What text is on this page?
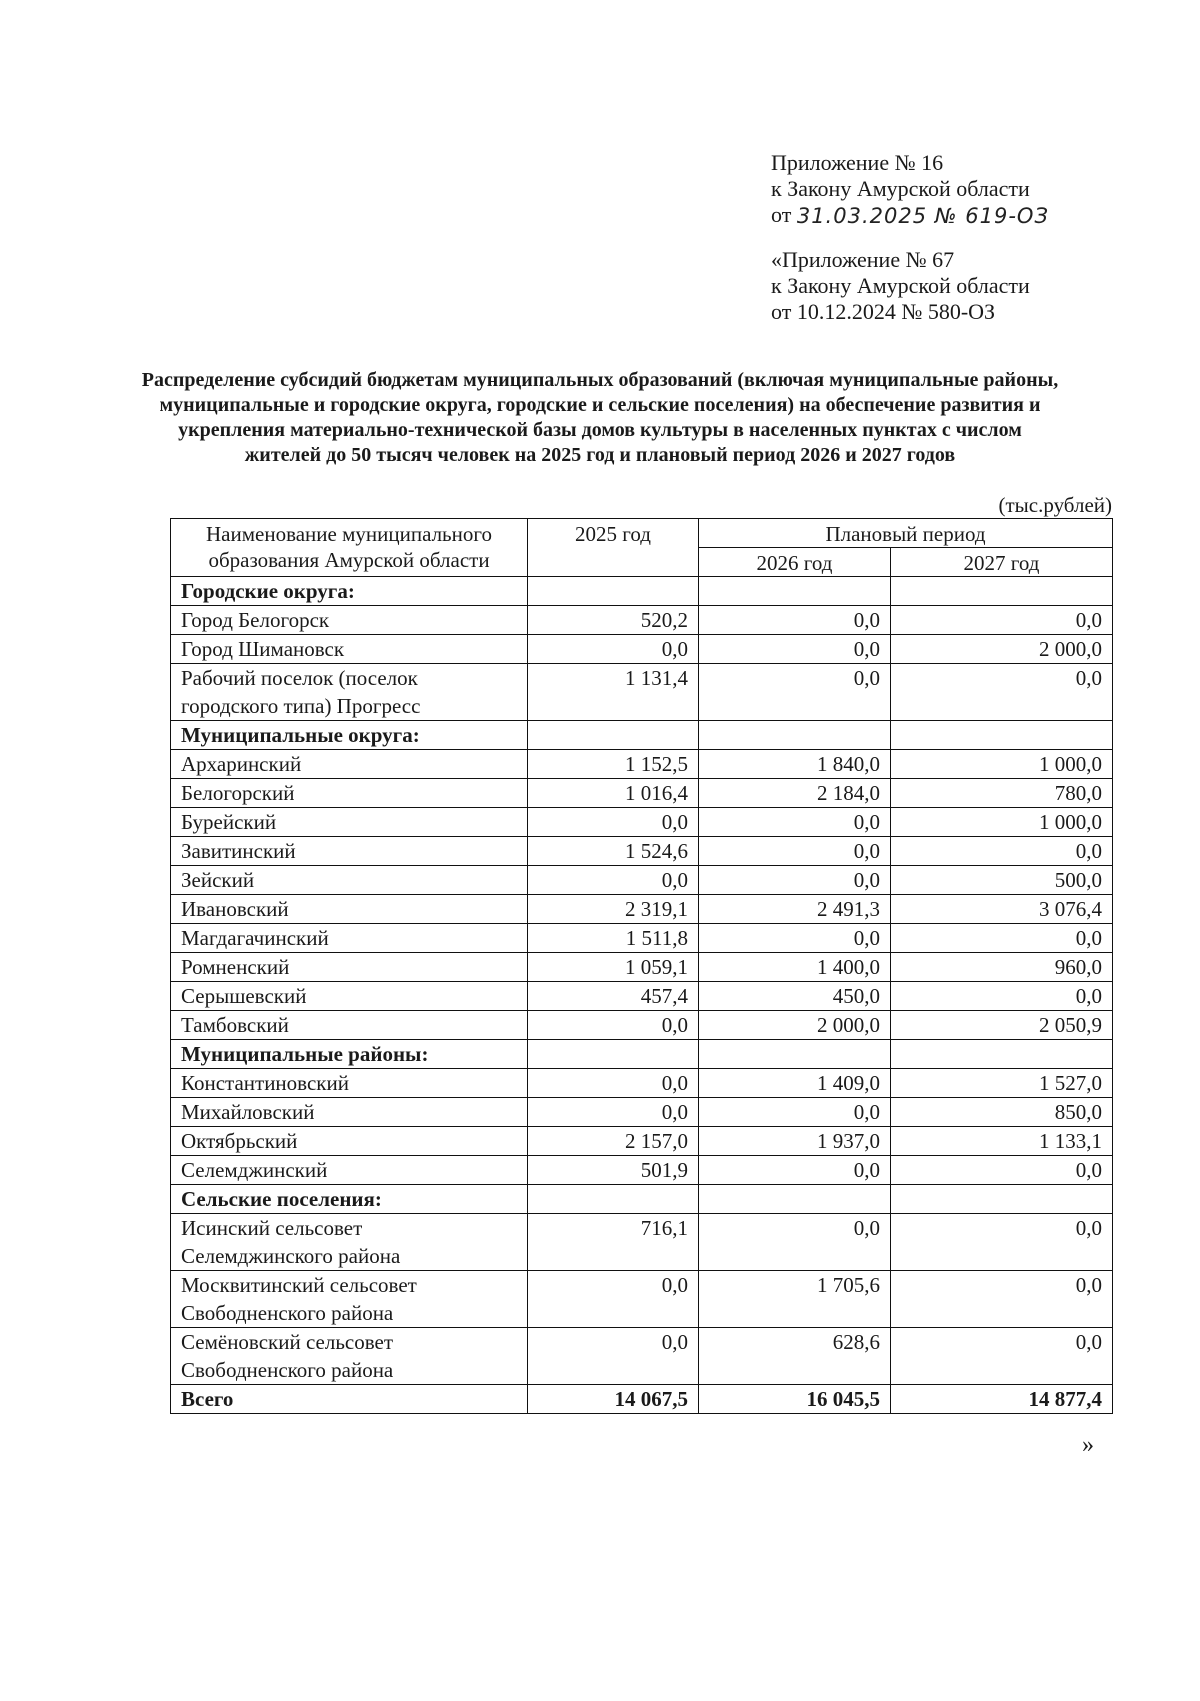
Приложение № 16
к Закону Амурской области
от 31.03.2025 № 619-ОЗ
«Приложение № 67
к Закону Амурской области
от 10.12.2024 № 580-ОЗ
Распределение субсидий бюджетам муниципальных образований (включая муниципальные районы, муниципальные и городские округа, городские и сельские поселения) на обеспечение развития и укрепления материально-технической базы домов культуры в населенных пунктах с числом жителей до 50 тысяч человек на 2025 год и плановый период 2026 и 2027 годов
(тыс.рублей)
Наименование муниципального образования Амурской области	2025 год	Плановый период	
		2026 год	2027 год
Городские округа:			
Город Белогорск	520,2	0,0	0,0
Город Шимановск	0,0	0,0	2 000,0
Рабочий поселок (поселок городского типа) Прогресс	1 131,4	0,0	0,0
Муниципальные округа:			
Архаринский	1 152,5	1 840,0	1 000,0
Белогорский	1 016,4	2 184,0	780,0
Бурейский	0,0	0,0	1 000,0
Завитинский	1 524,6	0,0	0,0
Зейский	0,0	0,0	500,0
Ивановский	2 319,1	2 491,3	3 076,4
Магдагачинский	1 511,8	0,0	0,0
Ромненский	1 059,1	1 400,0	960,0
Серышевский	457,4	450,0	0,0
Тамбовский	0,0	2 000,0	2 050,9
Муниципальные районы:			
Константиновский	0,0	1 409,0	1 527,0
Михайловский	0,0	0,0	850,0
Октябрьский	2 157,0	1 937,0	1 133,1
Селемджинский	501,9	0,0	0,0
Сельские поселения:			
Исинский сельсовет Селемджинского района	716,1	0,0	0,0
Москвитинский сельсовет Свободненского района	0,0	1 705,6	0,0
Семёновский сельсовет Свободненского района	0,0	628,6	0,0
Всего	14 067,5	16 045,5	14 877,4
»
